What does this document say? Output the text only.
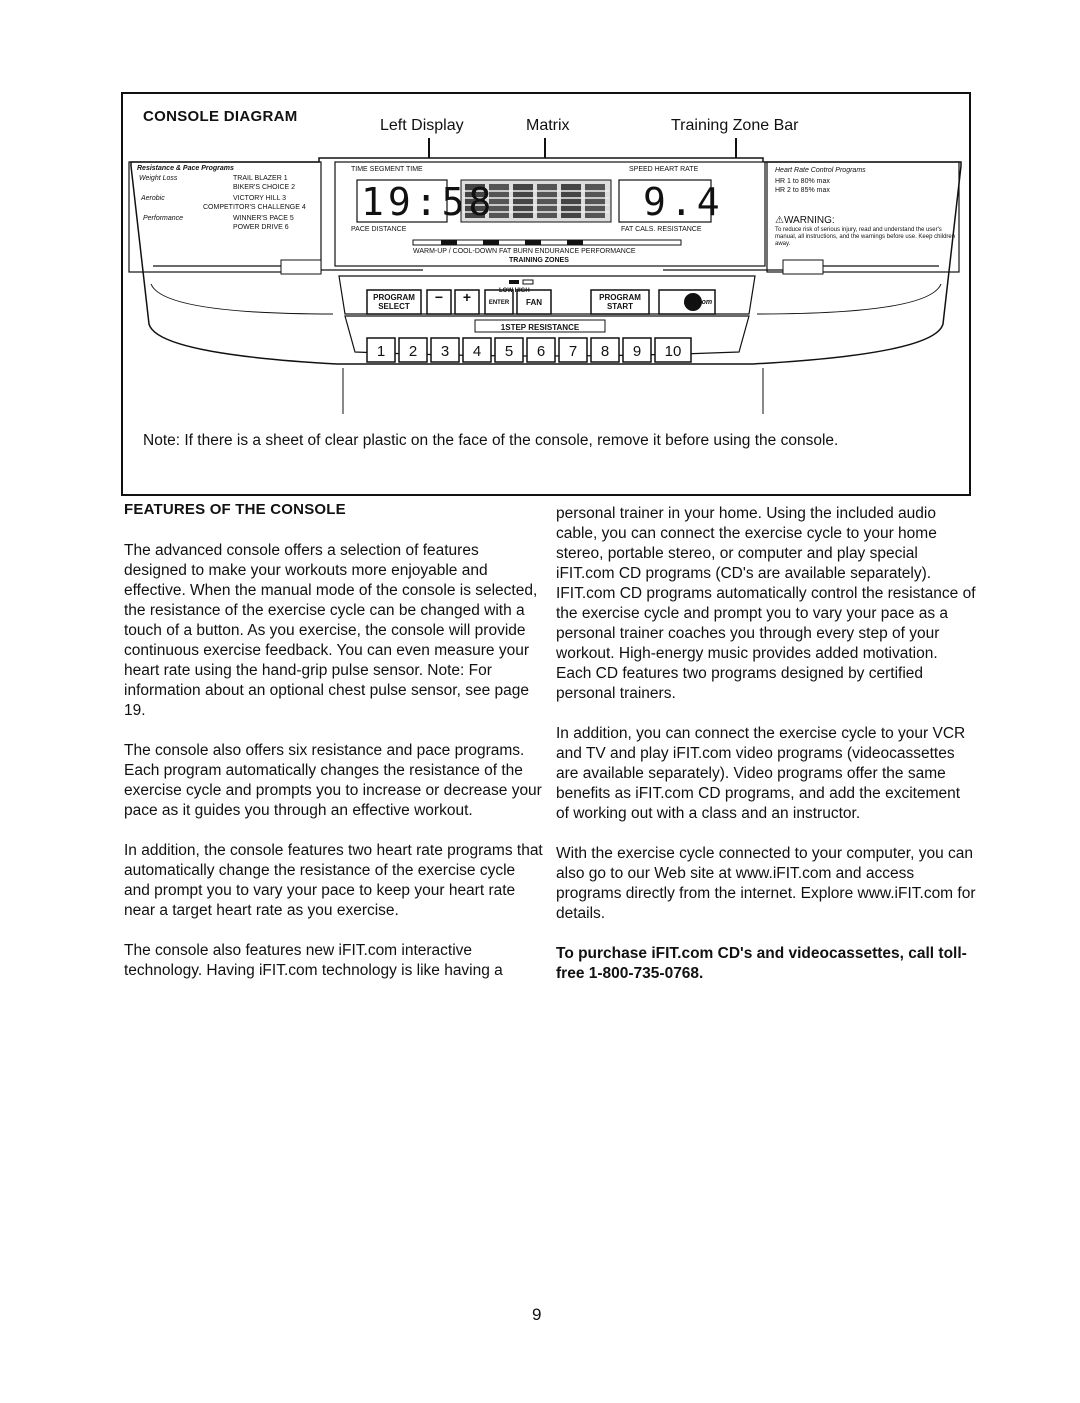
CONSOLE DIAGRAM
Left Display	Matrix	Training Zone Bar
Resistance & Pace Programs
Weight Loss	TRAIL BLAZER 1
BIKER'S CHOICE 2
Aerobic	VICTORY HILL 3
COMPETITOR'S CHALLENGE 4
Performance	WINNER'S PACE 5
POWER DRIVE 6
TIME SEGMENT TIME
19:58
PACE DISTANCE
SPEED HEART RATE
9.4
FAT CALS. RESISTANCE
WARM-UP / COOL-DOWN FAT BURN ENDURANCE PERFORMANCE
TRAINING ZONES
Heart Rate Control Programs
HR 1 to 80% max
HR 2 to 85% max
⚠WARNING:
To reduce risk of serious injury, read and understand the user's manual, all instructions, and the warnings before use. Keep children away.
LOW HIGH
PROGRAM SELECT
−	+	ENTER	FAN
PROGRAM START	iFIT.com
1STEP RESISTANCE
1	2	3	4	5	6	7	8	9	10
Note: If there is a sheet of clear plastic on the face of the console, remove it before using the console.
FEATURES OF THE CONSOLE

The advanced console offers a selection of features designed to make your workouts more enjoyable and effective. When the manual mode of the console is selected, the resistance of the exercise cycle can be changed with a touch of a button. As you exercise, the console will provide continuous exercise feedback. You can even measure your heart rate using the hand-grip pulse sensor. Note: For information about an optional chest pulse sensor, see page 19.

The console also offers six resistance and pace programs. Each program automatically changes the resistance of the exercise cycle and prompts you to increase or decrease your pace as it guides you through an effective workout.

In addition, the console features two heart rate programs that automatically change the resistance of the exercise cycle and prompt you to vary your pace to keep your heart rate near a target heart rate as you exercise.

The console also features new iFIT.com interactive technology. Having iFIT.com technology is like having a

personal trainer in your home. Using the included audio cable, you can connect the exercise cycle to your home stereo, portable stereo, or computer and play special iFIT.com CD programs (CD's are available separately). IFIT.com CD programs automatically control the resistance of the exercise cycle and prompt you to vary your pace as a personal trainer coaches you through every step of your workout. High-energy music provides added motivation. Each CD features two programs designed by certified personal trainers.

In addition, you can connect the exercise cycle to your VCR and TV and play iFIT.com video programs (videocassettes are available separately). Video programs offer the same benefits as iFIT.com CD programs, and add the excitement of working out with a class and an instructor.

With the exercise cycle connected to your computer, you can also go to our Web site at www.iFIT.com and access programs directly from the internet. Explore www.iFIT.com for details.

To purchase iFIT.com CD's and videocassettes, call toll-free 1-800-735-0768.

9
